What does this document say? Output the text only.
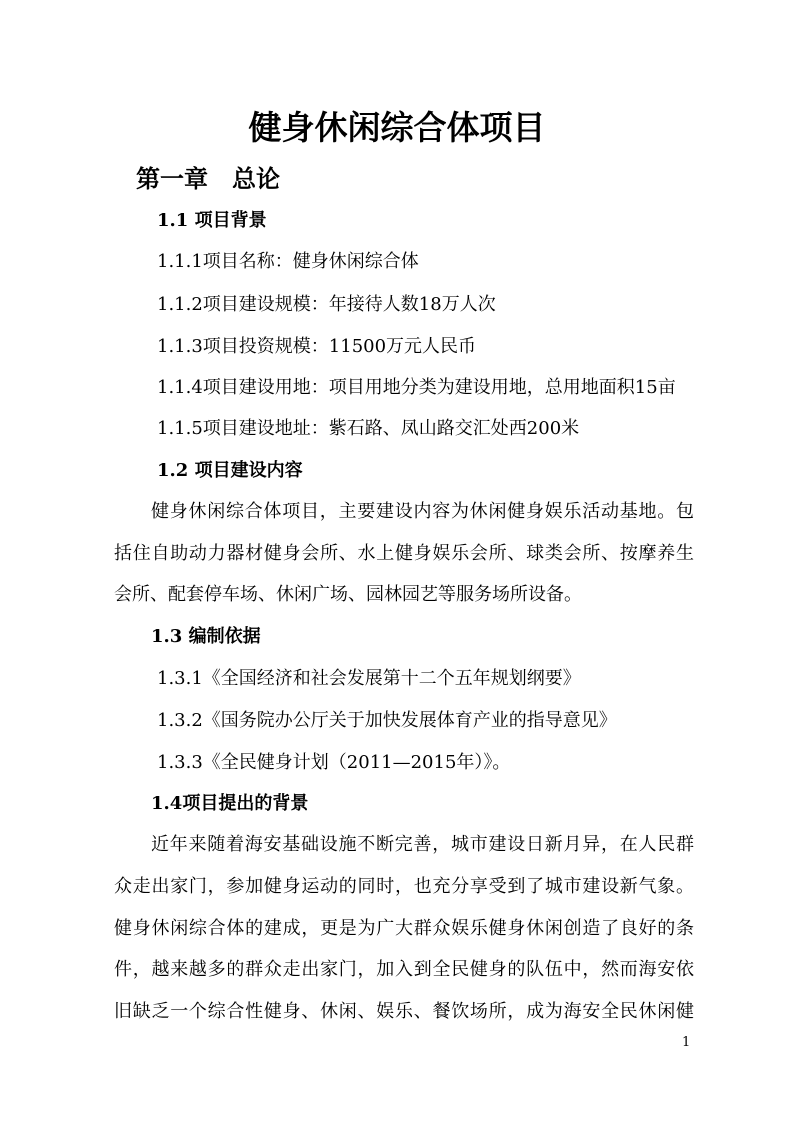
健身休闲综合体项目
第一章 总论
1.1 项目背景
1.1.1项目名称：健身休闲综合体
1.1.2项目建设规模：年接待人数18万人次
1.1.3项目投资规模：11500万元人民币
1.1.4项目建设用地：项目用地分类为建设用地，总用地面积15亩
1.1.5项目建设地址：紫石路、凤山路交汇处西200米
1.2 项目建设内容
健身休闲综合体项目，主要建设内容为休闲健身娱乐活动基地。包
括住自助动力器材健身会所、水上健身娱乐会所、球类会所、按摩养生
会所、配套停车场、休闲广场、园林园艺等服务场所设备。
1.3 编制依据
1.3.1《全国经济和社会发展第十二个五年规划纲要》
1.3.2《国务院办公厅关于加快发展体育产业的指导意见》
1.3.3《全民健身计划（2011—2015年）》。
1.4项目提出的背景
近年来随着海安基础设施不断完善，城市建设日新月异，在人民群
众走出家门，参加健身运动的同时，也充分享受到了城市建设新气象。
健身休闲综合体的建成，更是为广大群众娱乐健身休闲创造了良好的条
件，越来越多的群众走出家门，加入到全民健身的队伍中，然而海安依
旧缺乏一个综合性健身、休闲、娱乐、餐饮场所，成为海安全民休闲健
1
